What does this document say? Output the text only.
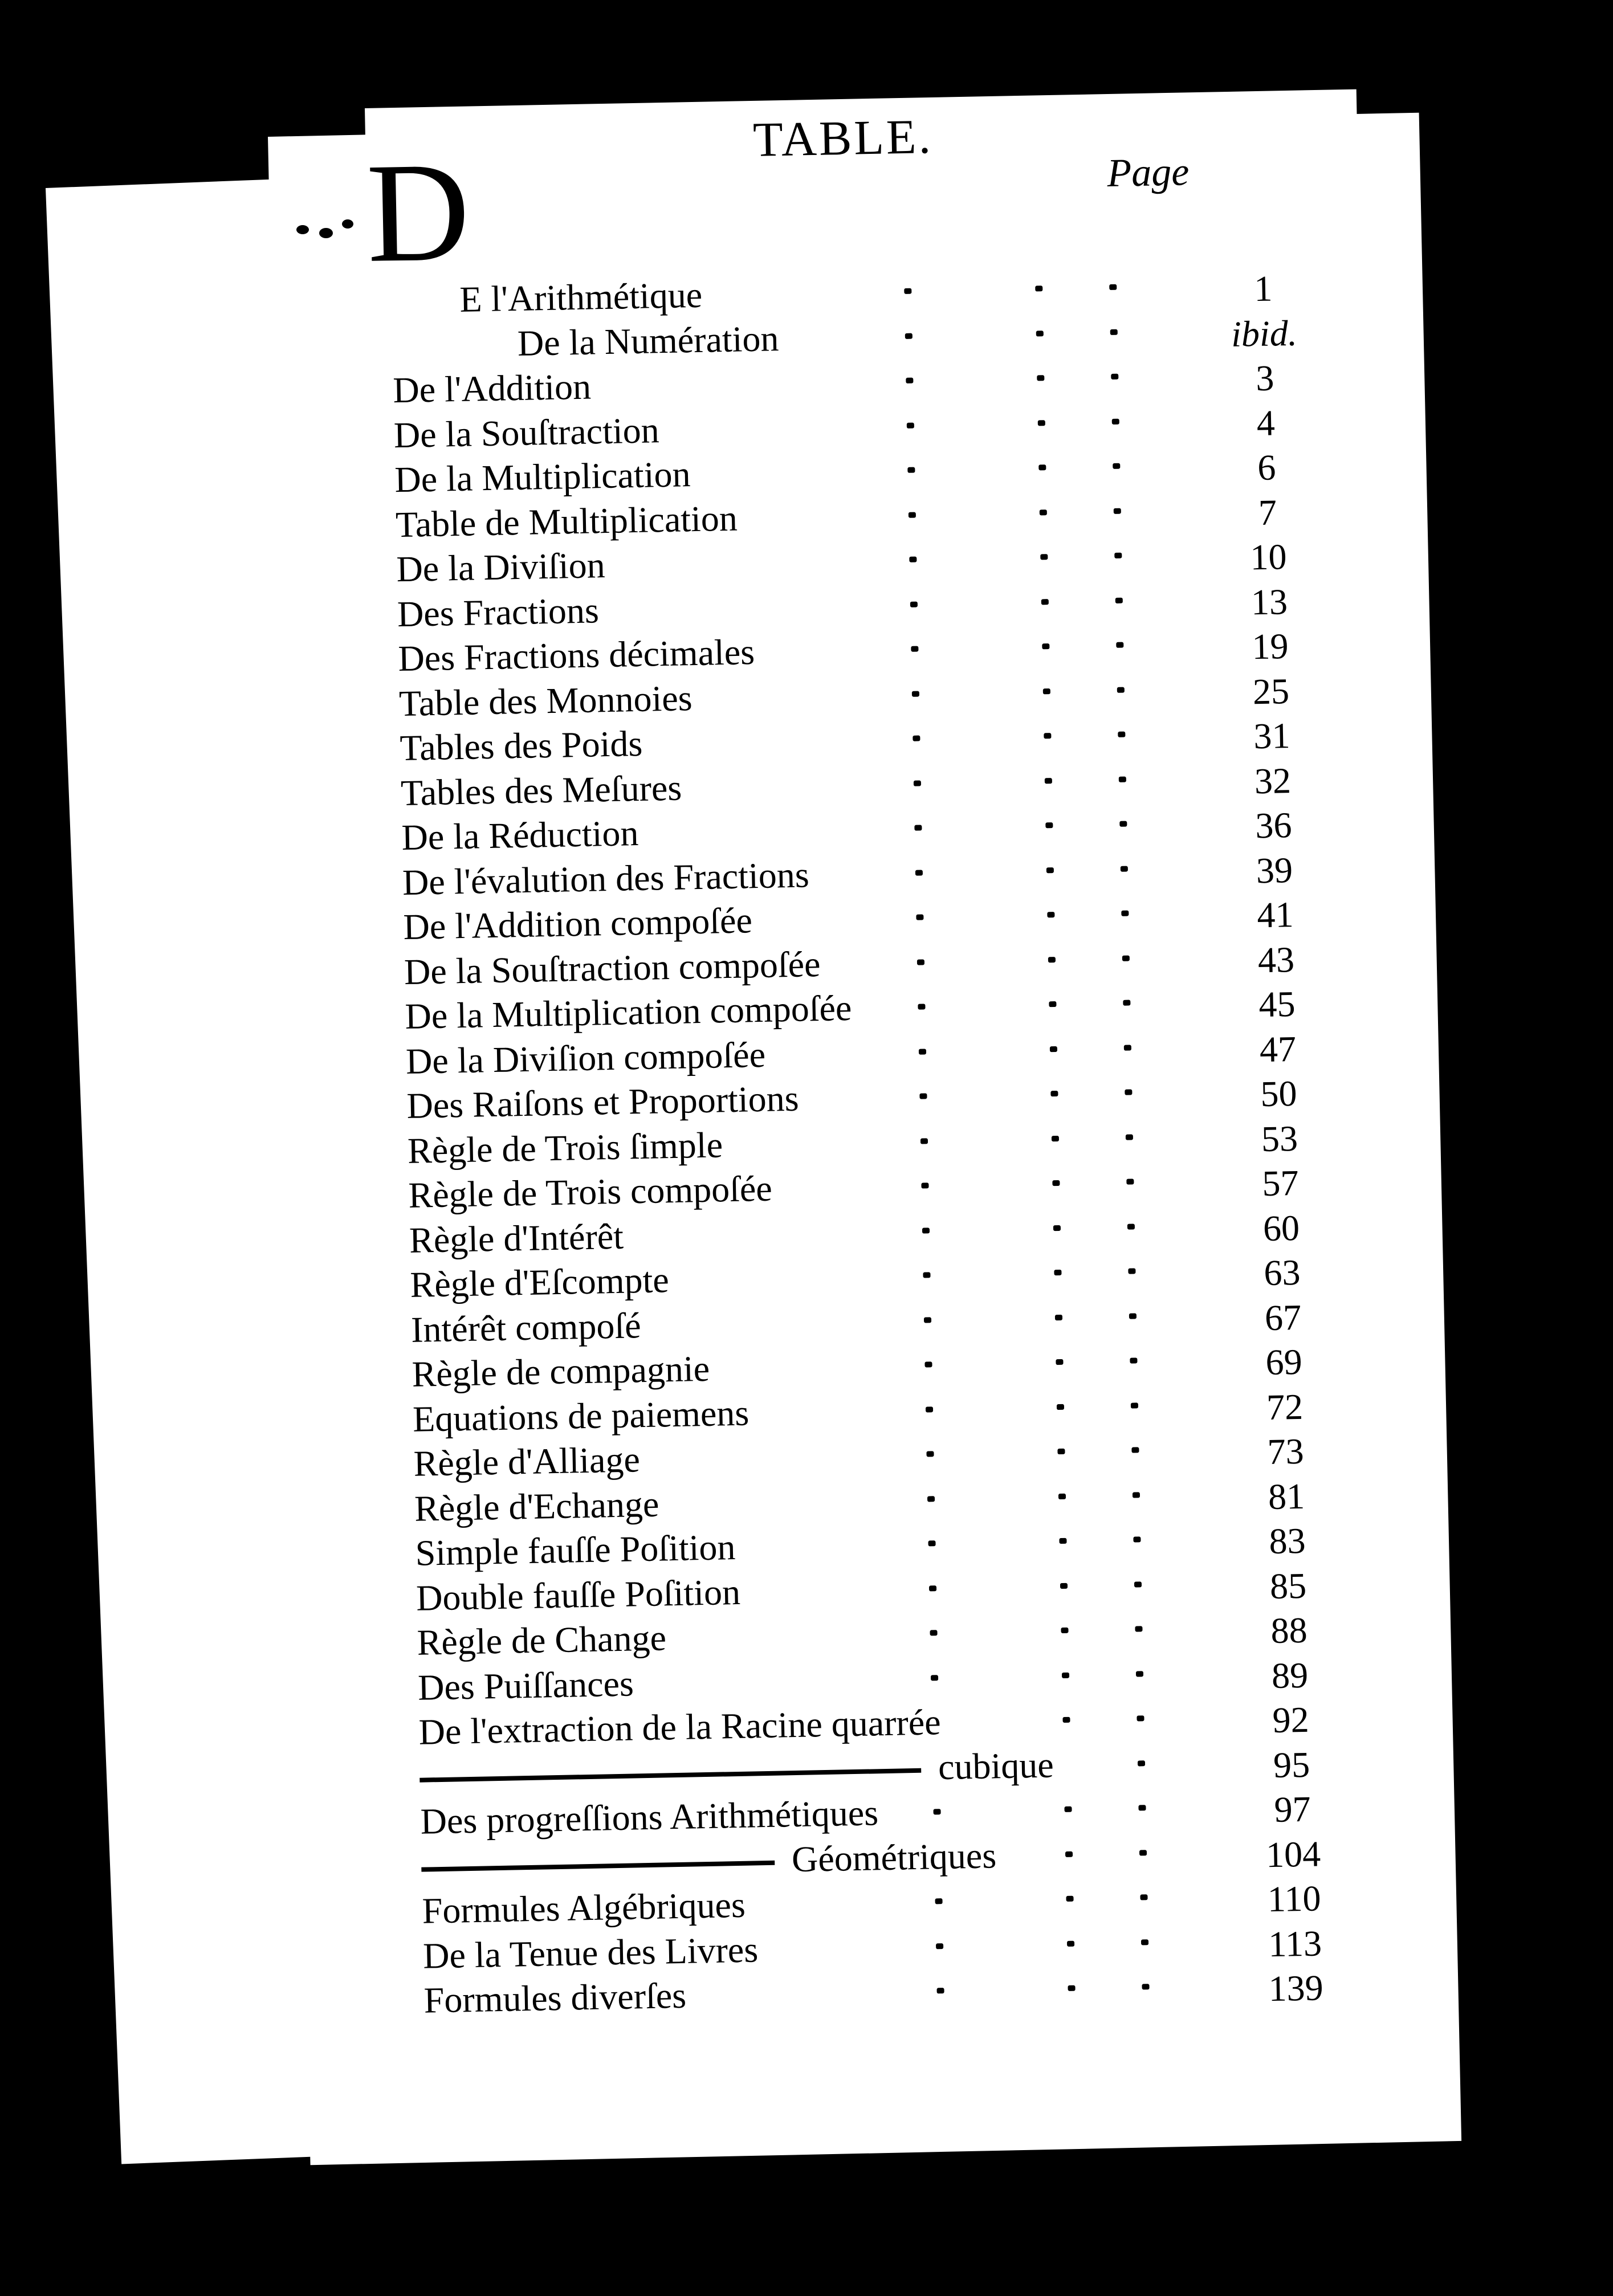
TABLE.
D	Page
E l'Arithmétique	1
De la Numération	ibid.
De l'Addition	3
De la Souſtraction	4
De la Multiplication	6
Table de Multiplication	7
De la Diviſion	10
Des Fractions	13
Des Fractions décimales	19
Table des Monnoies	25
Tables des Poids	31
Tables des Meſures	32
De la Réduction	36
De l'évalution des Fractions	39
De l'Addition compoſée	41
De la Souſtraction compoſée	43
De la Multiplication compoſée	45
De la Diviſion compoſée	47
Des Raiſons et Proportions	50
Règle de Trois ſimple	53
Règle de Trois compoſée	57
Règle d'Intérêt	60
Règle d'Eſcompte	63
Intérêt compoſé	67
Règle de compagnie	69
Equations de paiemens	72
Règle d'Alliage	73
Règle d'Echange	81
Simple fauſſe Poſition	83
Double fauſſe Poſition	85
Règle de Change	88
Des Puiſſances	89
De l'extraction de la Racine quarrée	92
cubique	95
Des progreſſions Arithmétiques	97
Géométriques	104
Formules Algébriques	110
De la Tenue des Livres	113
Formules diverſes	139
